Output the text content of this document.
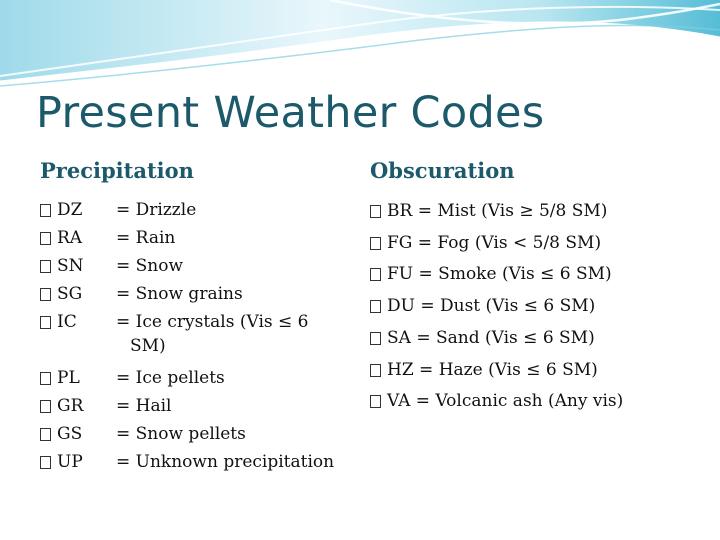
Present Weather Codes
Precipitation	Obscuration
DZ	= Drizzle
RA	= Rain
SN	= Snow
SG	= Snow grains
IC	= Ice crystals (Vis ≤ 6
SM)
PL	= Ice pellets
GR	= Hail
GS	= Snow pellets
UP	= Unknown precipitation
BR = Mist (Vis ≥ 5/8 SM)
FG = Fog (Vis < 5/8 SM)
FU = Smoke (Vis ≤ 6 SM)
DU = Dust (Vis ≤ 6 SM)
SA = Sand (Vis ≤ 6 SM)
HZ = Haze (Vis ≤ 6 SM)
VA = Volcanic ash (Any vis)
